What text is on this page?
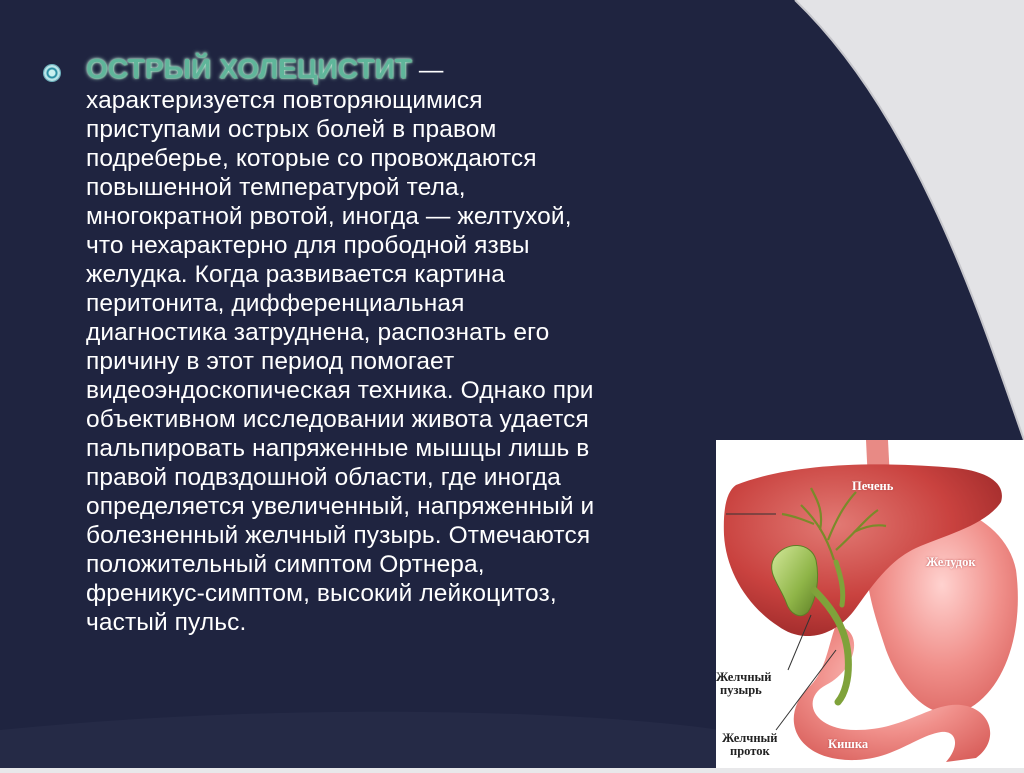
ОСТРЫЙ ХОЛЕЦИСТИТ —
характеризуется повторяющимися
приступами острых болей в правом
подреберье, которые со провождаются
повышенной температурой тела,
многократной рвотой, иногда — желтухой,
что нехарактерно для прободной язвы
желудка. Когда развивается картина
перитонита, дифференциальная
диагностика затруднена, распознать его
причину в этот период помогает
видеоэндоскопическая техника. Однако при
объективном исследовании живота удается
пальпировать напряженные мышцы лишь в
правой подвздошной области, где иногда
определяется увеличенный, напряженный и
болезненный желчный пузырь. Отмечаются
положительный симптом Ортнера,
френикус-симптом, высокий лейкоцитоз,
частый пульс.
Печень
Желудок
Желчный
пузырь
Желчный
проток	Кишка
